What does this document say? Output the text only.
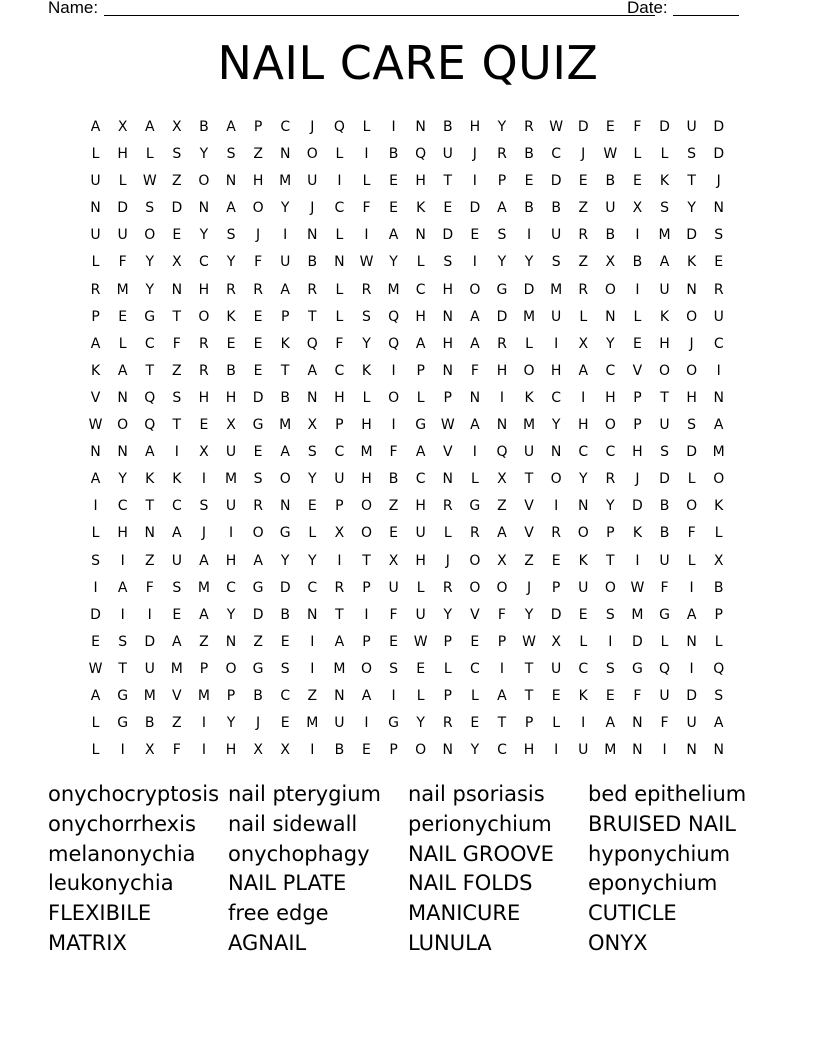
Name:	Date:
NAIL CARE QUIZ
A	X	A	X	B	A	P	C	J	Q	L	I	N	B	H	Y	R	W	D	E	F	D	U	D
L	H	L	S	Y	S	Z	N	O	L	I	B	Q	U	J	R	B	C	J	W	L	L	S	D
U	L	W	Z	O	N	H	M	U	I	L	E	H	T	I	P	E	D	E	B	E	K	T	J
N	D	S	D	N	A	O	Y	J	C	F	E	K	E	D	A	B	B	Z	U	X	S	Y	N
U	U	O	E	Y	S	J	I	N	L	I	A	N	D	E	S	I	U	R	B	I	M	D	S
L	F	Y	X	C	Y	F	U	B	N	W	Y	L	S	I	Y	Y	S	Z	X	B	A	K	E
R	M	Y	N	H	R	R	A	R	L	R	M	C	H	O	G	D	M	R	O	I	U	N	R
P	E	G	T	O	K	E	P	T	L	S	Q	H	N	A	D	M	U	L	N	L	K	O	U
A	L	C	F	R	E	E	K	Q	F	Y	Q	A	H	A	R	L	I	X	Y	E	H	J	C
K	A	T	Z	R	B	E	T	A	C	K	I	P	N	F	H	O	H	A	C	V	O	O	I
V	N	Q	S	H	H	D	B	N	H	L	O	L	P	N	I	K	C	I	H	P	T	H	N
W	O	Q	T	E	X	G	M	X	P	H	I	G	W	A	N	M	Y	H	O	P	U	S	A
N	N	A	I	X	U	E	A	S	C	M	F	A	V	I	Q	U	N	C	C	H	S	D	M
A	Y	K	K	I	M	S	O	Y	U	H	B	C	N	L	X	T	O	Y	R	J	D	L	O
I	C	T	C	S	U	R	N	E	P	O	Z	H	R	G	Z	V	I	N	Y	D	B	O	K
L	H	N	A	J	I	O	G	L	X	O	E	U	L	R	A	V	R	O	P	K	B	F	L
S	I	Z	U	A	H	A	Y	Y	I	T	X	H	J	O	X	Z	E	K	T	I	U	L	X
I	A	F	S	M	C	G	D	C	R	P	U	L	R	O	O	J	P	U	O	W	F	I	B
D	I	I	E	A	Y	D	B	N	T	I	F	U	Y	V	F	Y	D	E	S	M	G	A	P
E	S	D	A	Z	N	Z	E	I	A	P	E	W	P	E	P	W	X	L	I	D	L	N	L
W	T	U	M	P	O	G	S	I	M	O	S	E	L	C	I	T	U	C	S	G	Q	I	Q
A	G	M	V	M	P	B	C	Z	N	A	I	L	P	L	A	T	E	K	E	F	U	D	S
L	G	B	Z	I	Y	J	E	M	U	I	G	Y	R	E	T	P	L	I	A	N	F	U	A
L	I	X	F	I	H	X	X	I	B	E	P	O	N	Y	C	H	I	U	M	N	I	N	N
onychocryptosis
onychorrhexis
melanonychia
leukonychia
FLEXIBILE
MATRIX
nail pterygium
nail sidewall
onychophagy
NAIL PLATE
free edge
AGNAIL
nail psoriasis
perionychium
NAIL GROOVE
NAIL FOLDS
MANICURE
LUNULA
bed epithelium
BRUISED NAIL
hyponychium
eponychium
CUTICLE
ONYX
